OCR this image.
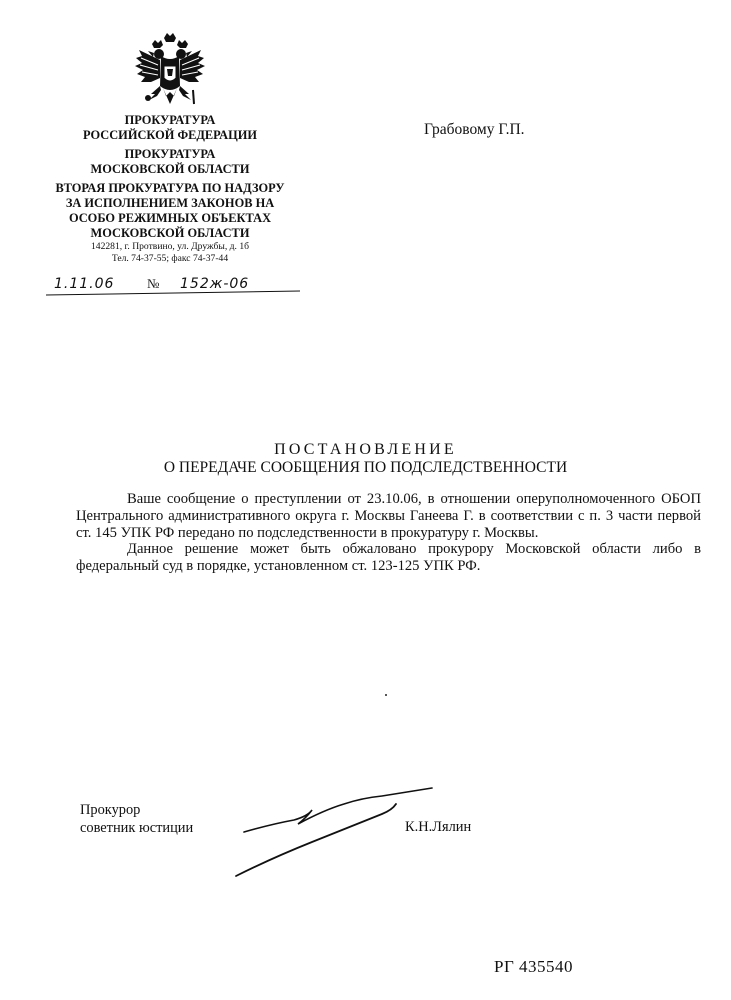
ПРОКУРАТУРА
РОССИЙСКОЙ ФЕДЕРАЦИИ
ПРОКУРАТУРА
МОСКОВСКОЙ ОБЛАСТИ
ВТОРАЯ ПРОКУРАТУРА ПО НАДЗОРУ
ЗА ИСПОЛНЕНИЕМ ЗАКОНОВ НА
ОСОБО РЕЖИМНЫХ ОБЪЕКТАХ
МОСКОВСКОЙ ОБЛАСТИ
142281, г. Протвино, ул. Дружбы, д. 1б
Тел. 74-37-55; факс 74-37-44
1.11.06	№ 152ж-06
Грабовому Г.П.
ПОСТАНОВЛЕНИЕ
О ПЕРЕДАЧЕ СООБЩЕНИЯ ПО ПОДСЛЕДСТВЕННОСТИ

Ваше сообщение о преступлении от 23.10.06, в отношении оперуполномоченного ОБОП Центрального административного округа г. Москвы Ганеева Г. в соответствии с п. 3 части первой ст. 145 УПК РФ передано по подследственности в прокуратуру г. Москвы.

Данное решение может быть обжаловано прокурору Московской области либо в федеральный суд в порядке, установленном ст. 123-125 УПК РФ.

Прокурор
советник юстиции	К.Н.Лялин
РГ 435540
